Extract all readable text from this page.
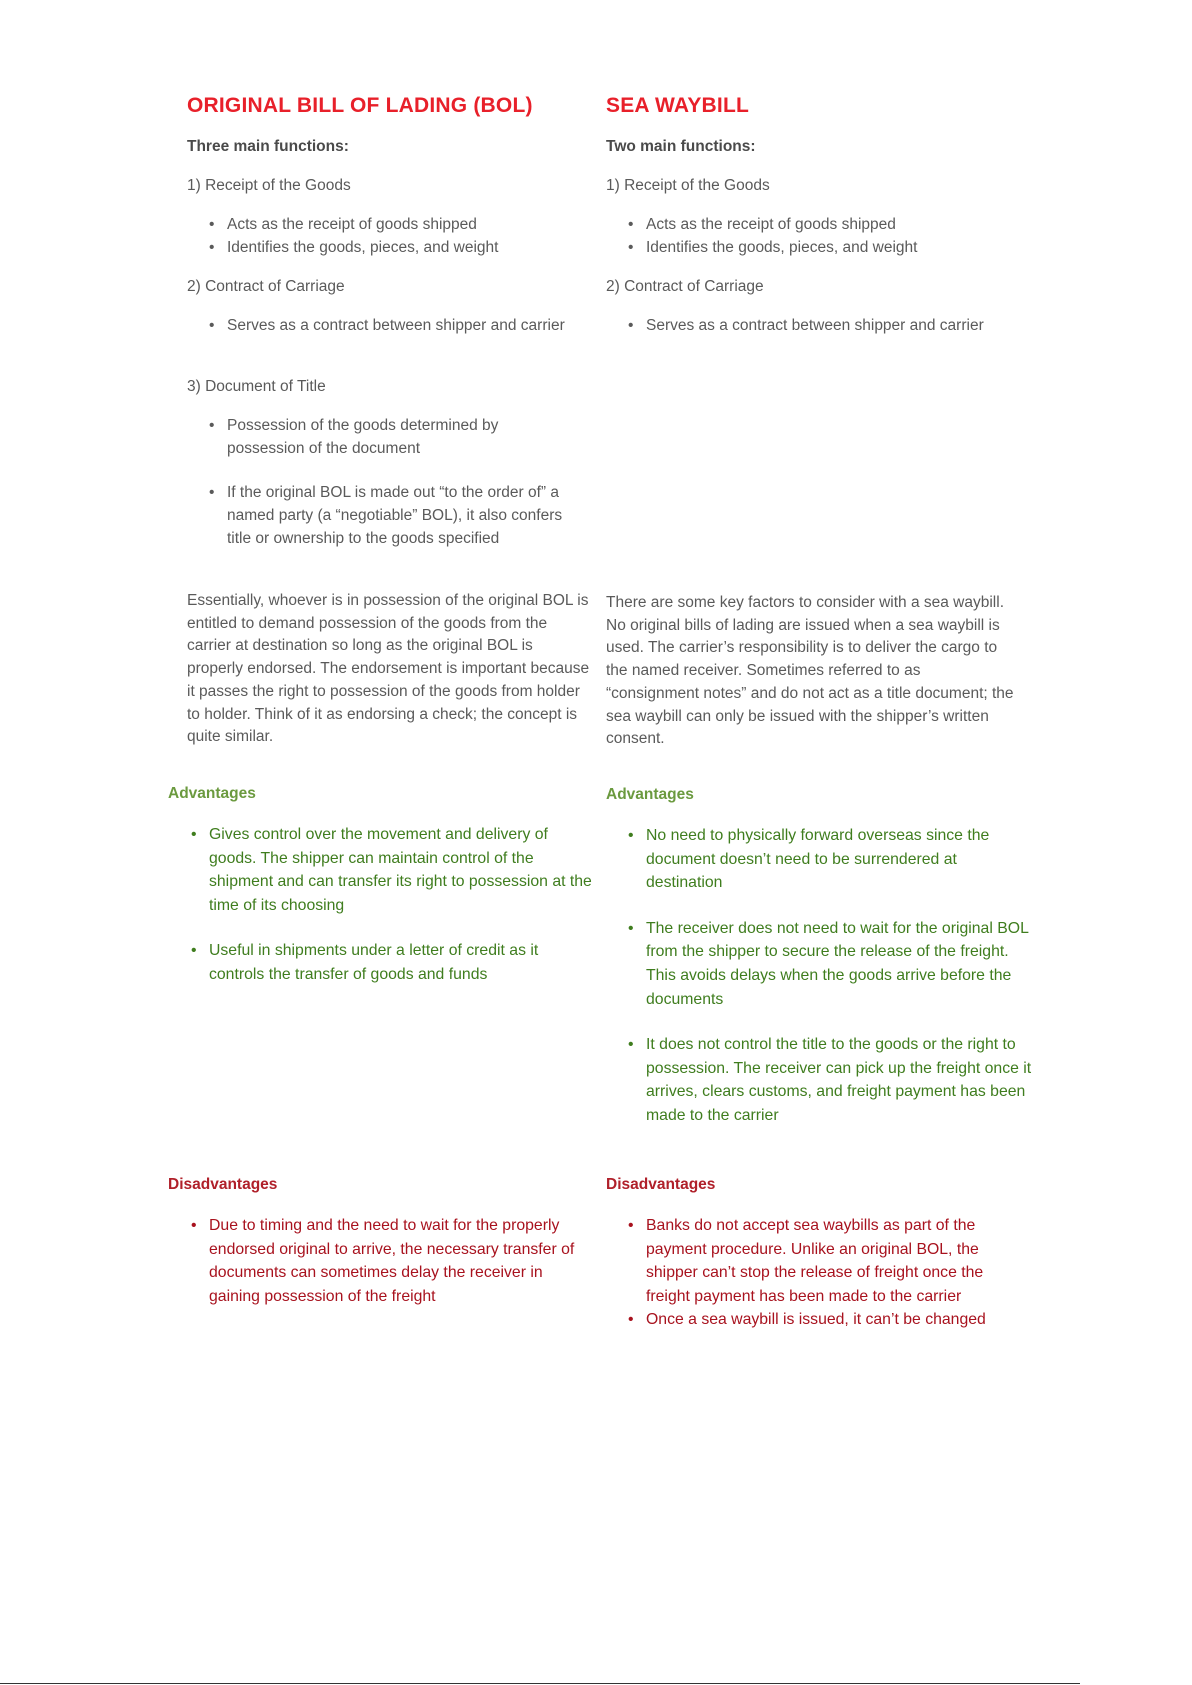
ORIGINAL BILL OF LADING (BOL)
Three main functions:
1) Receipt of the Goods
• Acts as the receipt of goods shipped
• Identifies the goods, pieces, and weight
2) Contract of Carriage
• Serves as a contract between shipper and carrier
3) Document of Title
• Possession of the goods determined by possession of the document
• If the original BOL is made out “to the order of” a named party (a “negotiable” BOL), it also confers title or ownership to the goods specified
Essentially, whoever is in possession of the original BOL is entitled to demand possession of the goods from the carrier at destination so long as the original BOL is properly endorsed. The endorsement is important because it passes the right to possession of the goods from holder to holder. Think of it as endorsing a check; the concept is quite similar.
Advantages
• Gives control over the movement and delivery of goods. The shipper can maintain control of the shipment and can transfer its right to possession at the time of its choosing
• Useful in shipments under a letter of credit as it controls the transfer of goods and funds
Disadvantages
• Due to timing and the need to wait for the properly endorsed original to arrive, the necessary transfer of documents can sometimes delay the receiver in gaining possession of the freight
SEA WAYBILL
Two main functions:
1) Receipt of the Goods
• Acts as the receipt of goods shipped
• Identifies the goods, pieces, and weight
2) Contract of Carriage
• Serves as a contract between shipper and carrier
There are some key factors to consider with a sea waybill. No original bills of lading are issued when a sea waybill is used. The carrier’s responsibility is to deliver the cargo to the named receiver. Sometimes referred to as “consignment notes” and do not act as a title document; the sea waybill can only be issued with the shipper’s written consent.
Advantages
• No need to physically forward overseas since the document doesn’t need to be surrendered at destination
• The receiver does not need to wait for the original BOL from the shipper to secure the release of the freight. This avoids delays when the goods arrive before the documents
• It does not control the title to the goods or the right to possession. The receiver can pick up the freight once it arrives, clears customs, and freight payment has been made to the carrier
Disadvantages
• Banks do not accept sea waybills as part of the payment procedure. Unlike an original BOL, the shipper can’t stop the release of freight once the freight payment has been made to the carrier
• Once a sea waybill is issued, it can’t be changed
